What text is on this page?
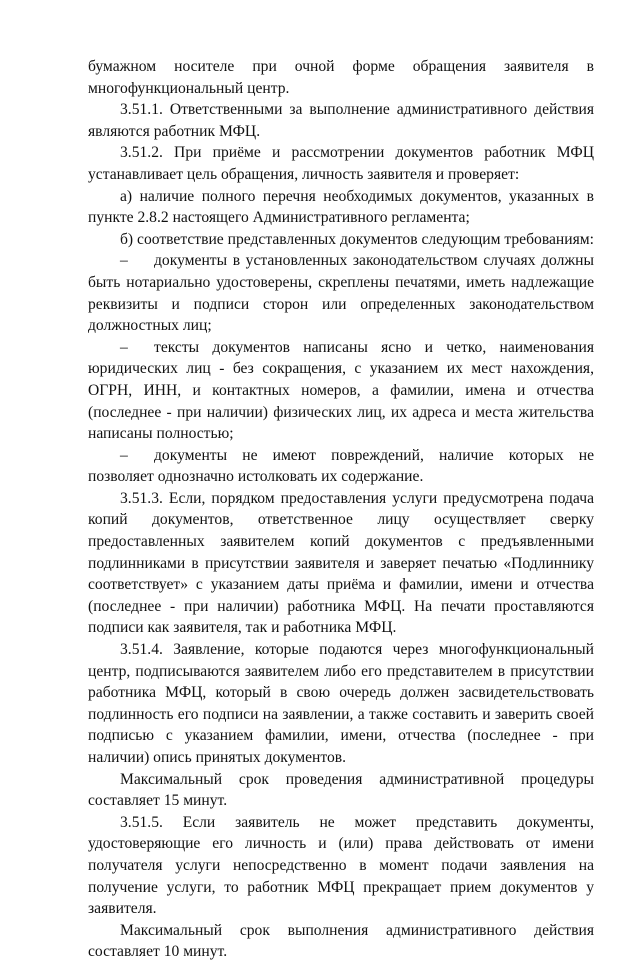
бумажном носителе при очной форме обращения заявителя в многофункциональный центр.

3.51.1. Ответственными за выполнение административного действия являются работник МФЦ.

3.51.2. При приёме и рассмотрении документов работник МФЦ устанавливает цель обращения, личность заявителя и проверяет:

а) наличие полного перечня необходимых документов, указанных в пункте 2.8.2 настоящего Административного регламента;

б) соответствие представленных документов следующим требованиям:

– документы в установленных законодательством случаях должны быть нотариально удостоверены, скреплены печатями, иметь надлежащие реквизиты и подписи сторон или определенных законодательством должностных лиц;

– тексты документов написаны ясно и четко, наименования юридических лиц - без сокращения, с указанием их мест нахождения, ОГРН, ИНН, и контактных номеров, а фамилии, имена и отчества (последнее - при наличии) физических лиц, их адреса и места жительства написаны полностью;

– документы не имеют повреждений, наличие которых не позволяет однозначно истолковать их содержание.

3.51.3. Если, порядком предоставления услуги предусмотрена подача копий документов, ответственное лицу осуществляет сверку предоставленных заявителем копий документов с предъявленными подлинниками в присутствии заявителя и заверяет печатью «Подлиннику соответствует» с указанием даты приёма и фамилии, имени и отчества (последнее - при наличии) работника МФЦ. На печати проставляются подписи как заявителя, так и работника МФЦ.

3.51.4. Заявление, которые подаются через многофункциональный центр, подписываются заявителем либо его представителем в присутствии работника МФЦ, который в свою очередь должен засвидетельствовать подлинность его подписи на заявлении, а также составить и заверить своей подписью с указанием фамилии, имени, отчества (последнее - при наличии) опись принятых документов.

Максимальный срок проведения административной процедуры составляет 15 минут.

3.51.5. Если заявитель не может представить документы, удостоверяющие его личность и (или) права действовать от имени получателя услуги непосредственно в момент подачи заявления на получение услуги, то работник МФЦ прекращает прием документов у заявителя.

Максимальный срок выполнения административного действия составляет 10 минут.
